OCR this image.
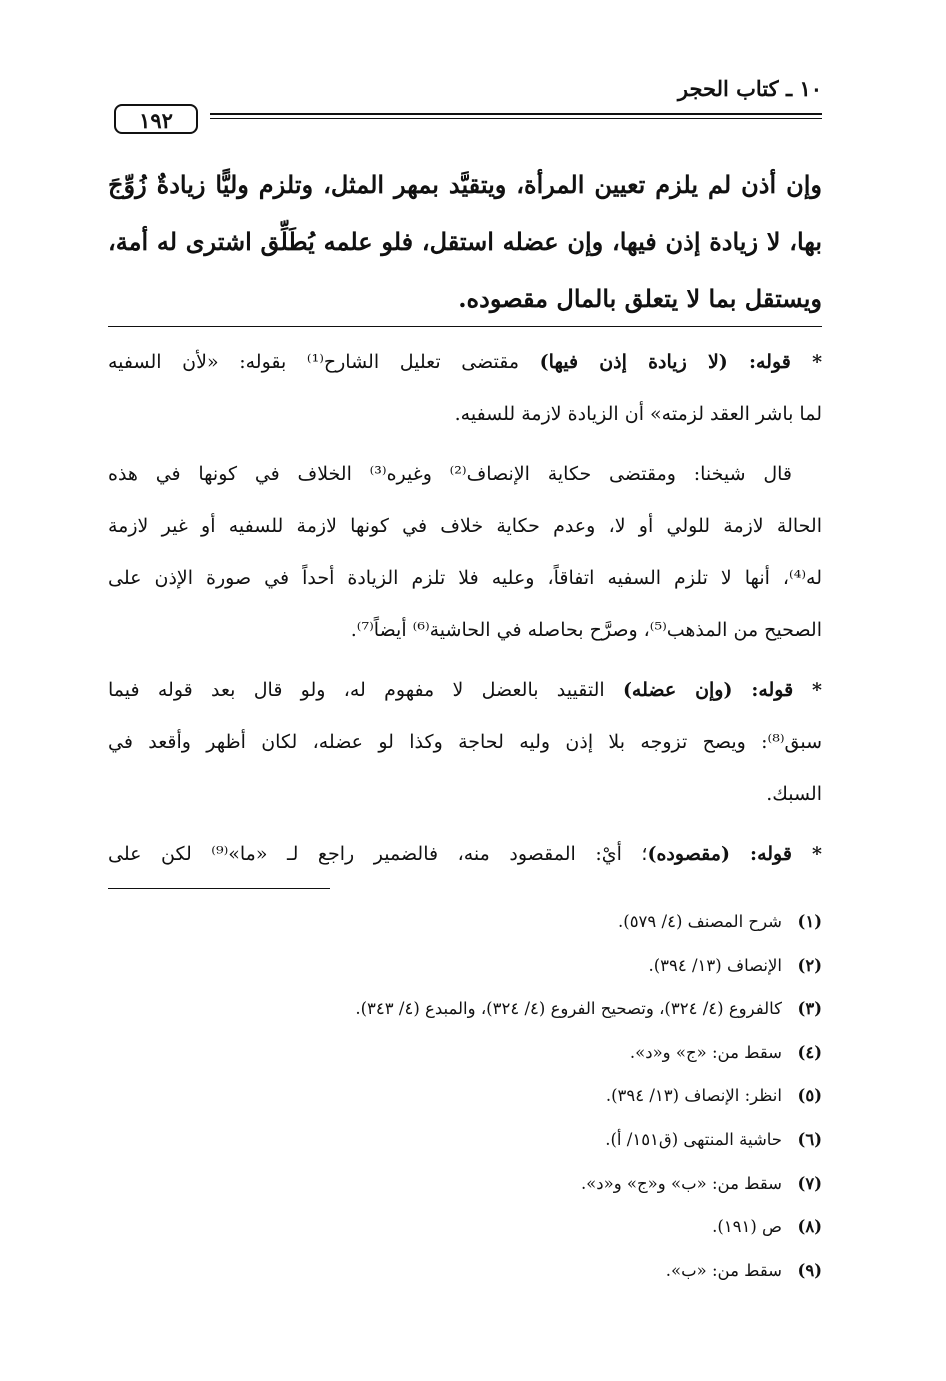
١٠ ـ كتاب الحجر
١٩٢
وإن أذن لم يلزم تعيين المرأة، ويتقيَّد بمهر المثل، وتلزم وليًّا زيادةٌ زُوِّجَ
بها، لا زيادة إذن فيها، وإن عضله استقل، فلو علمه يُطَلِّق اشترى له أمة،
ويستقل بما لا يتعلق بالمال مقصوده.
* قوله: (لا زيادة إذن فيها) مقتضى تعليل الشارح⁽¹⁾ بقوله: «لأن السفيه
لما باشر العقد لزمته» أن الزيادة لازمة للسفيه.
قال شيخنا: ومقتضى حكاية الإنصاف⁽²⁾ وغيره⁽³⁾ الخلاف في كونها في هذه
الحالة لازمة للولي أو لا، وعدم حكاية خلاف في كونها لازمة للسفيه أو غير لازمة
له⁽⁴⁾، أنها لا تلزم السفيه اتفاقاً، وعليه فلا تلزم الزيادة أحداً في صورة الإذن على
الصحيح من المذهب⁽⁵⁾، وصرَّح بحاصله في الحاشية⁽⁶⁾ أيضاً⁽⁷⁾.
* قوله: (وإن عضله) التقييد بالعضل لا مفهوم له، ولو قال بعد قوله فيما
سبق⁽⁸⁾: ويصح تزوجه بلا إذن وليه لحاجة وكذا لو عضله، لكان أظهر وأقعد في
السبك.
* قوله: (مقصوده)؛ أيْ: المقصود منه، فالضمير راجع لـ «ما»⁽⁹⁾ لكن على
(١)شرح المصنف (٤/ ٥٧٩).
(٢)الإنصاف (١٣/ ٣٩٤).
(٣)كالفروع (٤/ ٣٢٤)، وتصحيح الفروع (٤/ ٣٢٤)، والمبدع (٤/ ٣٤٣).
(٤)سقط من: «ج» و«د».
(٥)انظر: الإنصاف (١٣/ ٣٩٤).
(٦)حاشية المنتهى (ق١٥١/ أ).
(٧)سقط من: «ب» و«ج» و«د».
(٨)ص (١٩١).
(٩)سقط من: «ب».
